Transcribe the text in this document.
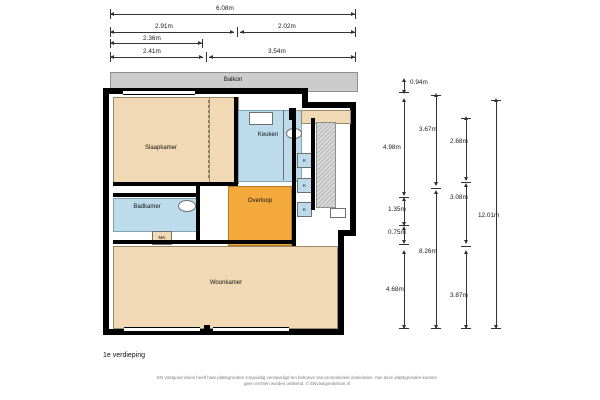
6.08m
2.91m	2.02m
2.36m
2.41m	3.54m
Balkon
Slaapkamer
Keuken
K
K
K
Badkamer
Overloop
MK
Woonkamer
0.94m
4.98m
1.35m
0.75m
4.68m
3.67m
8.26m
2.68m
3.08m
3.87m
12.01m
1e verdieping
EN Vastgoed vision heeft haar plattegronden zorgvuldig vervaardigd ten behoeve van promotionele doeleinden. Aan deze plattegronden kunnen geen rechten worden ontleend. © ENvastgoedvision.nl
